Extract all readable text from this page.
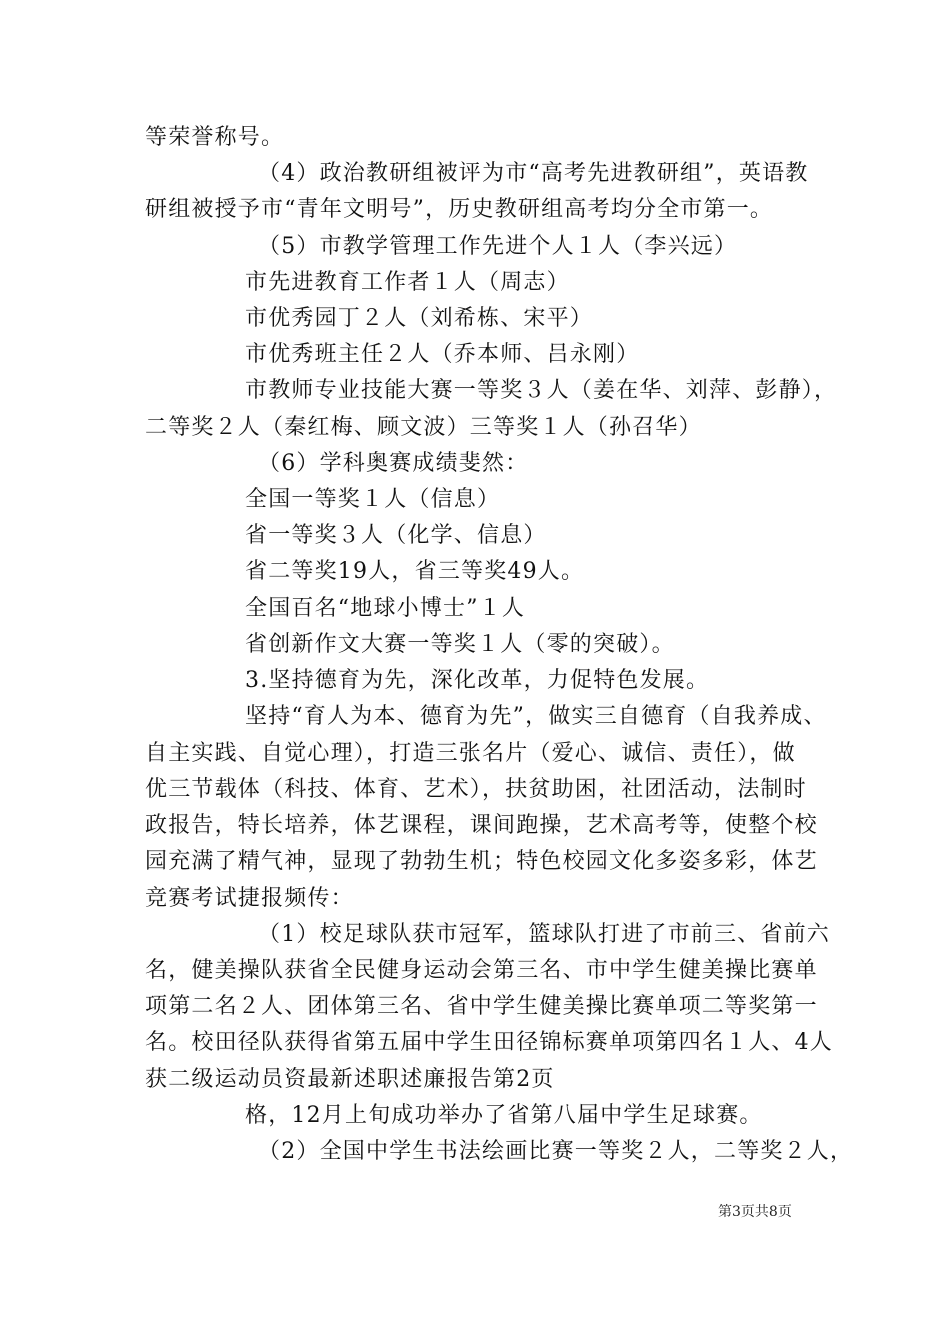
等荣誉称号。
（4）政治教研组被评为市“高考先进教研组”，英语教
研组被授予市“青年文明号”，历史教研组高考均分全市第一。
（5）市教学管理工作先进个人１人（李兴远）
市先进教育工作者１人（周志）
市优秀园丁２人（刘希栋、宋平）
市优秀班主任２人（乔本师、吕永刚）
市教师专业技能大赛一等奖３人（姜在华、刘萍、彭静），
二等奖２人（秦红梅、顾文波）三等奖１人（孙召华）
（6）学科奥赛成绩斐然：
全国一等奖１人（信息）
省一等奖３人（化学、信息）
省二等奖19人，省三等奖49人。
全国百名“地球小博士”１人
省创新作文大赛一等奖１人（零的突破）。
3.坚持德育为先，深化改革，力促特色发展。
坚持“育人为本、德育为先”，做实三自德育（自我养成、
自主实践、自觉心理），打造三张名片（爱心、诚信、责任），做
优三节载体（科技、体育、艺术），扶贫助困，社团活动，法制时
政报告，特长培养，体艺课程，课间跑操，艺术高考等，使整个校
园充满了精气神，显现了勃勃生机；特色校园文化多姿多彩，体艺
竞赛考试捷报频传：
（1）校足球队获市冠军，篮球队打进了市前三、省前六
名，健美操队获省全民健身运动会第三名、市中学生健美操比赛单
项第二名２人、团体第三名、省中学生健美操比赛单项二等奖第一
名。校田径队获得省第五届中学生田径锦标赛单项第四名１人、4人
获二级运动员资最新述职述廉报告第2页
格，12月上旬成功举办了省第八届中学生足球赛。
（2）全国中学生书法绘画比赛一等奖２人，二等奖２人，
第3页共8页
